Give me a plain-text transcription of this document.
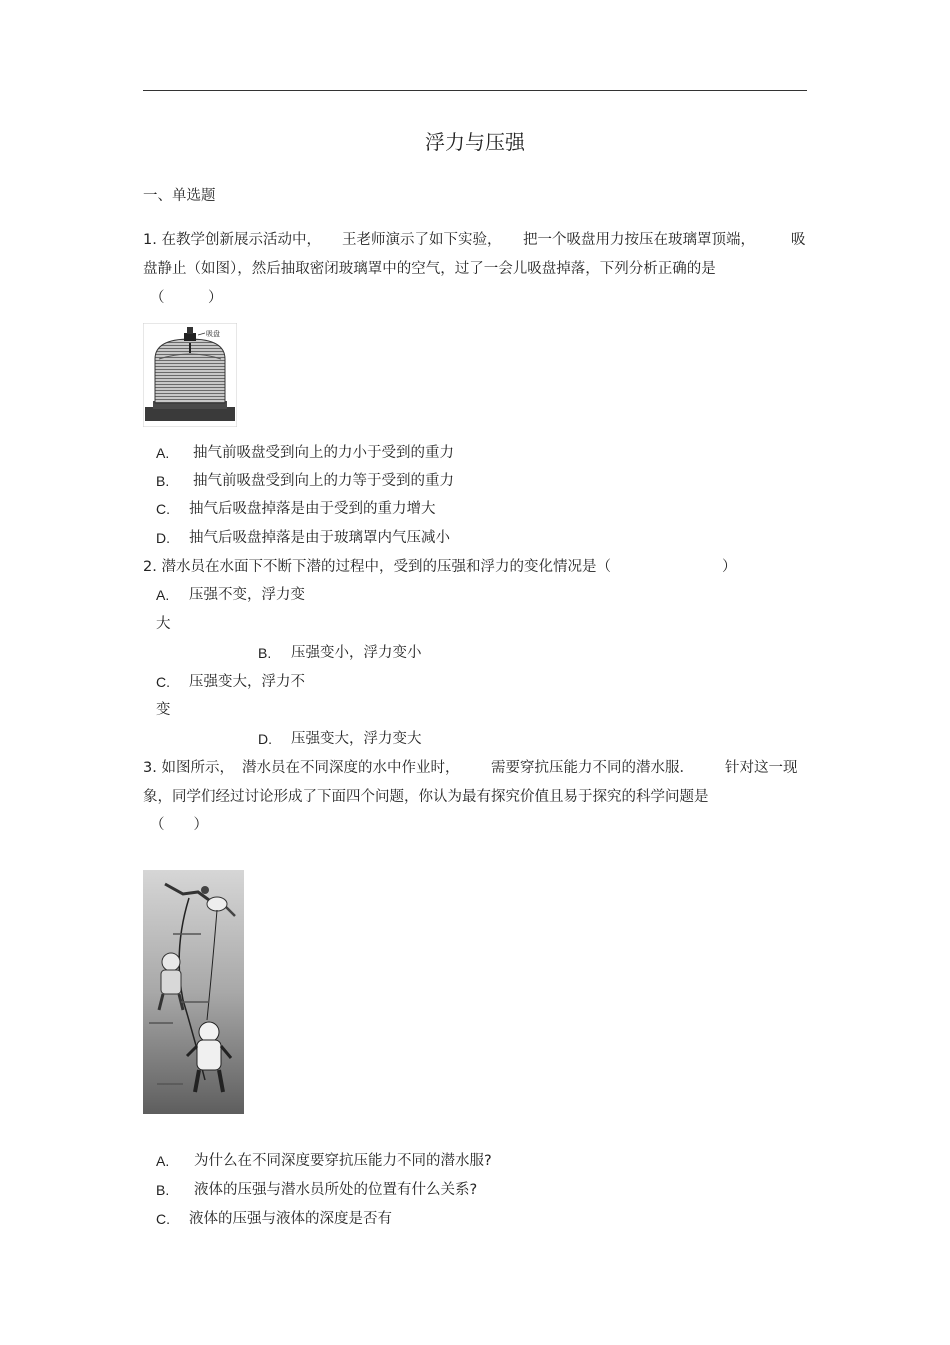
浮力与压强
一、单选题
1. 在教学创新展示活动中， 王老师演示了如下实验， 把一个吸盘用力按压在玻璃罩顶端， 吸
盘静止（如图），然后抽取密闭玻璃罩中的空气，过了一会儿吸盘掉落，下列分析正确的是
（　　　）
吸盘
A. 抽气前吸盘受到向上的力小于受到的重力
B. 抽气前吸盘受到向上的力等于受到的重力
C. 抽气后吸盘掉落是由于受到的重力增大
D. 抽气后吸盘掉落是由于玻璃罩内气压减小
2. 潜水员在水面下不断下潜的过程中，受到的压强和浮力的变化情况是（	）
A. 压强不变，浮力变
大
B. 压强变小，浮力变小
C. 压强变大，浮力不
变
D. 压强变大，浮力变大
3. 如图所示， 潜水员在不同深度的水中作业时， 需要穿抗压能力不同的潜水服． 针对这一现
象，同学们经过讨论形成了下面四个问题，你认为最有探究价值且易于探究的科学问题是
（　　）
A. 为什么在不同深度要穿抗压能力不同的潜水服?
B. 液体的压强与潜水员所处的位置有什么关系?
C. 液体的压强与液体的深度是否有
